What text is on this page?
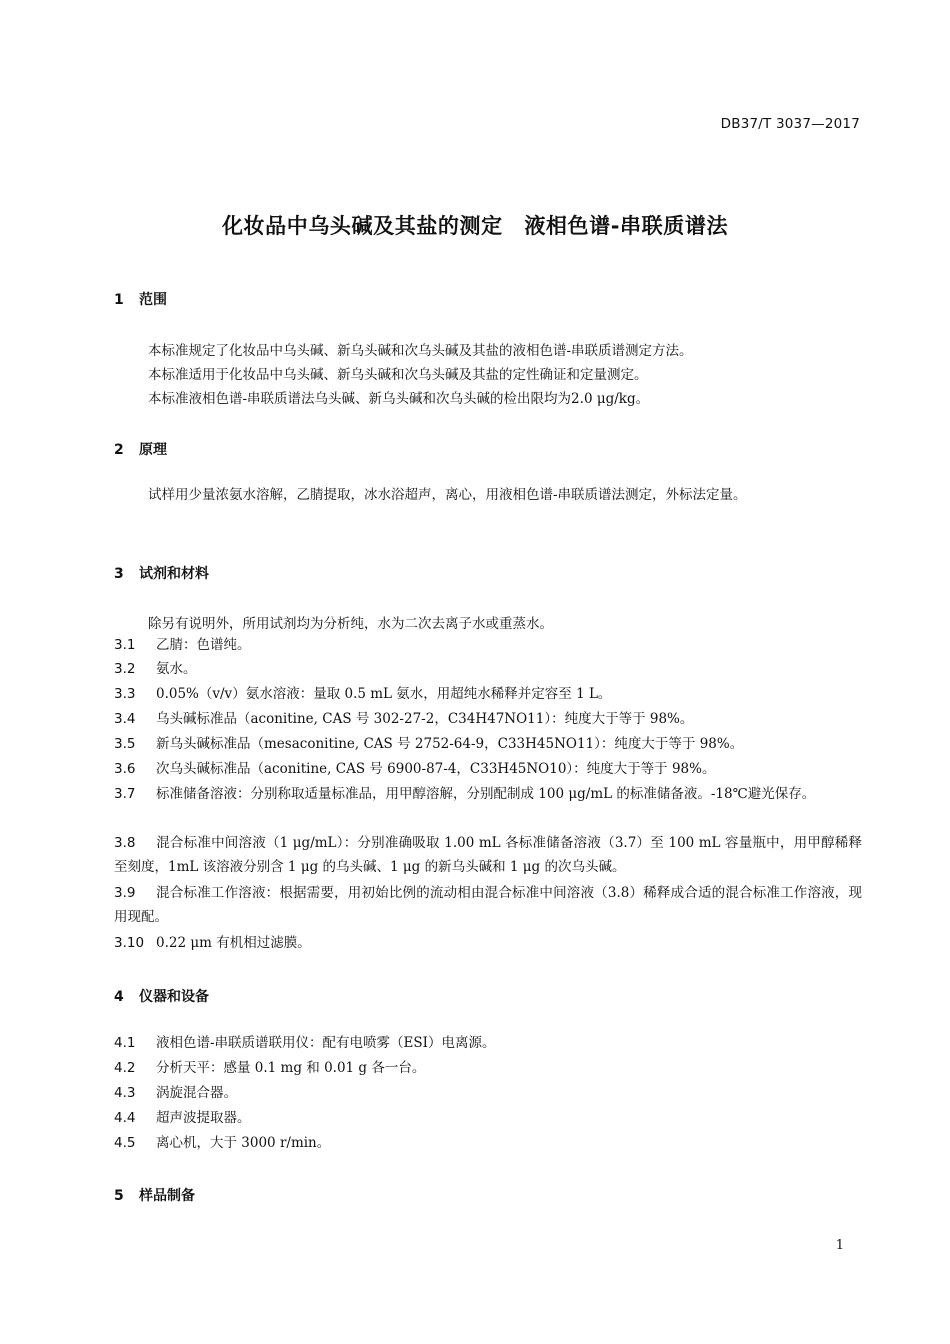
DB37/T 3037—2017
化妆品中乌头碱及其盐的测定　液相色谱-串联质谱法
1 范围
本标准规定了化妆品中乌头碱、新乌头碱和次乌头碱及其盐的液相色谱-串联质谱测定方法。
本标准适用于化妆品中乌头碱、新乌头碱和次乌头碱及其盐的定性确证和定量测定。
本标准液相色谱-串联质谱法乌头碱、新乌头碱和次乌头碱的检出限均为2.0 μg/kg。
2 原理
试样用少量浓氨水溶解，乙腈提取，冰水浴超声，离心，用液相色谱-串联质谱法测定，外标法定量。
3 试剂和材料
除另有说明外，所用试剂均为分析纯，水为二次去离子水或重蒸水。
3.1 乙腈：色谱纯。
3.2 氨水。
3.3 0.05%（v/v）氨水溶液：量取 0.5 mL 氨水，用超纯水稀释并定容至 1 L。
3.4 乌头碱标准品（aconitine, CAS 号 302-27-2，C34H47NO11）：纯度大于等于 98%。
3.5 新乌头碱标准品（mesaconitine, CAS 号 2752-64-9，C33H45NO11）：纯度大于等于 98%。
3.6 次乌头碱标准品（aconitine, CAS 号 6900-87-4，C33H45NO10）：纯度大于等于 98%。
3.7 标准储备溶液：分别称取适量标准品，用甲醇溶解，分别配制成 100 μg/mL 的标准储备液。-18℃避光保存。
3.8 混合标准中间溶液（1 μg/mL）：分别准确吸取 1.00 mL 各标准储备溶液（3.7）至 100 mL 容量瓶中，用甲醇稀释至刻度，1mL 该溶液分别含 1 μg 的乌头碱、1 μg 的新乌头碱和 1 μg 的次乌头碱。
3.9 混合标准工作溶液：根据需要，用初始比例的流动相由混合标准中间溶液（3.8）稀释成合适的混合标准工作溶液，现用现配。
3.10 0.22 μm 有机相过滤膜。
4 仪器和设备
4.1 液相色谱-串联质谱联用仪：配有电喷雾（ESI）电离源。
4.2 分析天平：感量 0.1 mg 和 0.01 g 各一台。
4.3 涡旋混合器。
4.4 超声波提取器。
4.5 离心机，大于 3000 r/min。
5 样品制备
1
